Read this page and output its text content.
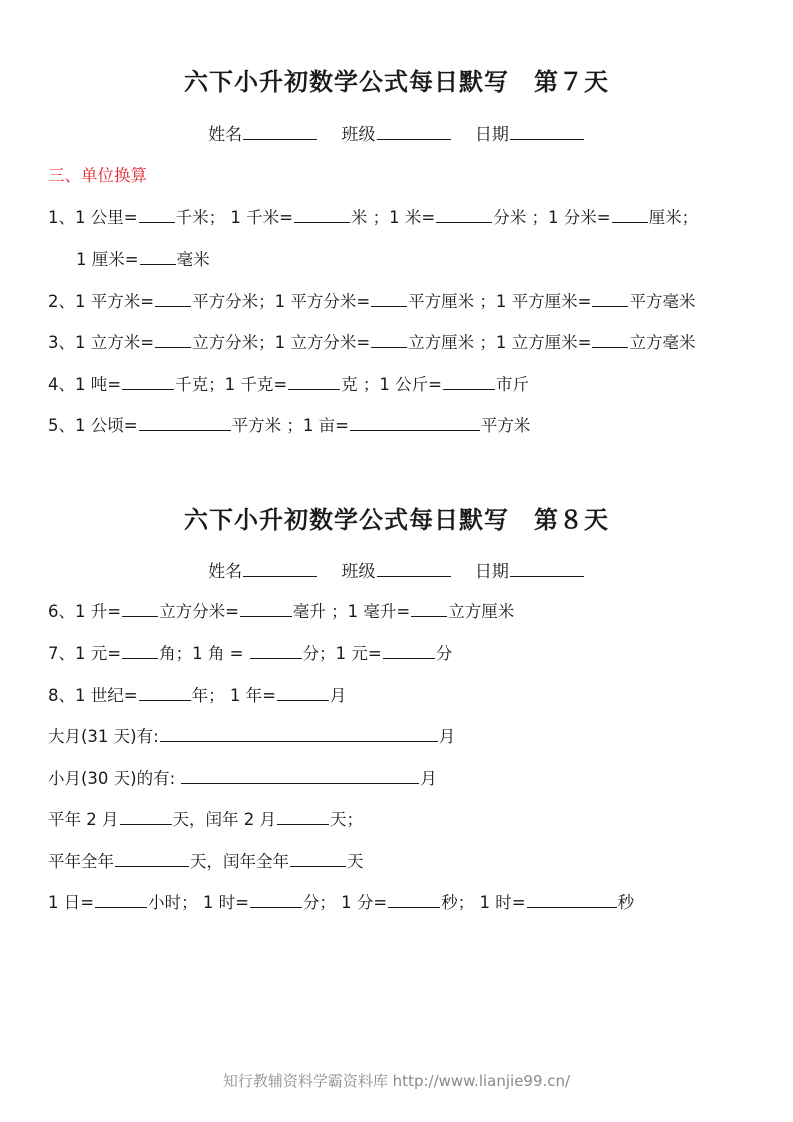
六下小升初数学公式每日默写　第７天
姓名	班级	日期
三、单位换算
1、1 公里= 千米； 1 千米=	米 ；1 米=	分米 ；1 分米= 厘米；
1 厘米= 毫米
2、1 平方米= 平方分米；1 平方分米= 平方厘米 ；1 平方厘米= 平方毫米
3、1 立方米= 立方分米；1 立方分米= 立方厘米 ；1 立方厘米= 立方毫米
4、1 吨=	千克；1 千克=	克 ；1 公斤=	市斤
5、1 公顷=	平方米 ；1 亩=	平方米
六下小升初数学公式每日默写　第８天
姓名	班级	日期
6、1 升= 立方分米=	毫升 ；1 毫升= 立方厘米
7、1 元= 角；1 角 =	分；1 元=	分
8、1 世纪=	年； 1 年=	月
大月(31 天)有:	月
小月(30 天)的有:	月
平年 2 月	天，闰年 2 月	天；
平年全年	天，闰年全年	天
1 日=	小时； 1 时=	分； 1 分=	秒； 1 时=	秒
知行教辅资料学霸资料库 http://www.lianjie99.cn/
